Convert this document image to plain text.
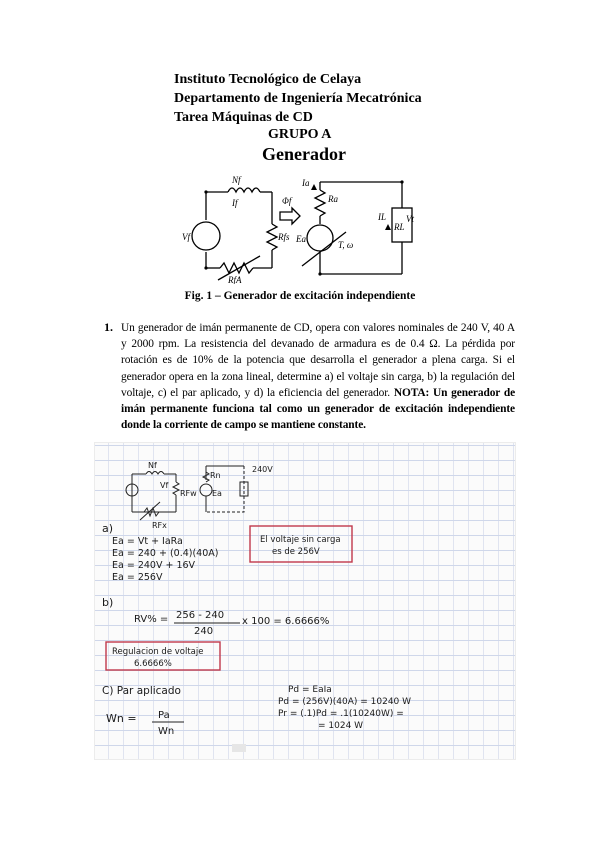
Instituto Tecnológico de Celaya
Departamento de Ingeniería Mecatrónica
Tarea Máquinas de CD
GRUPO A
Generador
Nf
Vf
If
Rfs
RfA
Φf	Ra
Ia
Ea
IL
RL
Vt
T, ω
Fig. 1 – Generador de excitación independiente
1. Un generador de imán permanente de CD, opera con valores nominales de 240 V, 40 A y 2000 rpm. La resistencia del devanado de armadura es de 0.4 Ω. La pérdida por rotación es de 10% de la potencia que desarrolla el generador a plena carga. Si el generador opera en la zona lineal, determine a) el voltaje sin carga, b) la regulación del voltaje, c) el par aplicado, y d) la eficiencia del generador. NOTA: Un generador de imán permanente funciona tal como un generador de excitación independiente donde la corriente de campo se mantiene constante.
Nf
Vf
RFw
RFx
Rn
Ea
240V
a)
Ea = Vt + IaRa
Ea = 240 + (0.4)(40A)
Ea = 240V + 16V
Ea = 256V
El voltaje sin carga
es de 256V
b)
RV% = 256 - 240
240
x 100 = 6.6666%
Regulacion de voltaje
6.6666%
C) Par aplicado
Wn = Pa
Wn
Pd = EaIa
Pd = (256V)(40A) = 10240 W
Pr = (.1)Pd = .1(10240W) =
= 1024 W
